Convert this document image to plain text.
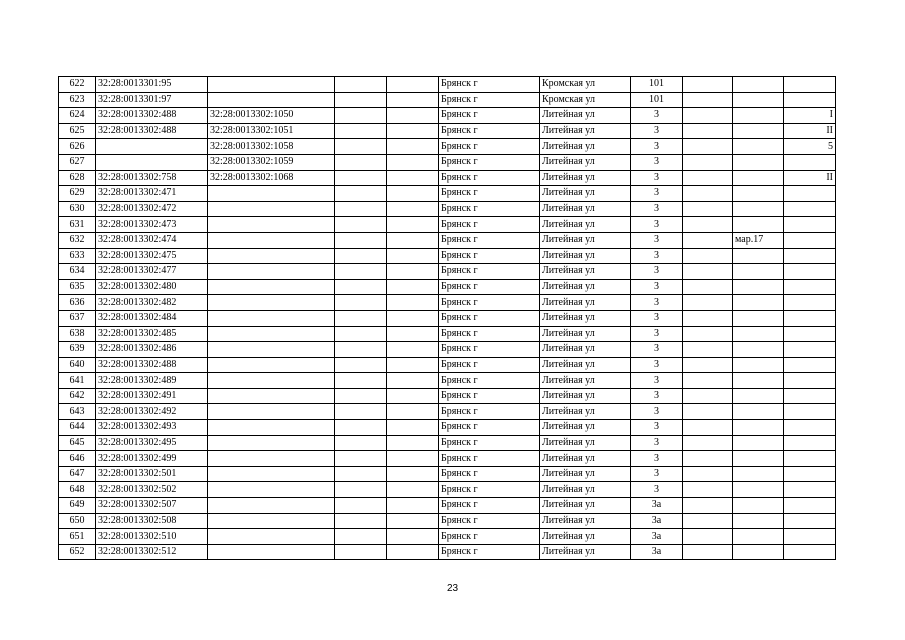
622	32:28:0013301:95				Брянск г	Кромская ул	101			
623	32:28:0013301:97				Брянск г	Кромская ул	101			
624	32:28:0013302:488	32:28:0013302:1050			Брянск г	Литейная ул	3			I
625	32:28:0013302:488	32:28:0013302:1051			Брянск г	Литейная ул	3			II
626		32:28:0013302:1058			Брянск г	Литейная ул	3			5
627		32:28:0013302:1059			Брянск г	Литейная ул	3			
628	32:28:0013302:758	32:28:0013302:1068			Брянск г	Литейная ул	3			II
629	32:28:0013302:471				Брянск г	Литейная ул	3			
630	32:28:0013302:472				Брянск г	Литейная ул	3			
631	32:28:0013302:473				Брянск г	Литейная ул	3			
632	32:28:0013302:474				Брянск г	Литейная ул	3		мар.17	
633	32:28:0013302:475				Брянск г	Литейная ул	3			
634	32:28:0013302:477				Брянск г	Литейная ул	3			
635	32:28:0013302:480				Брянск г	Литейная ул	3			
636	32:28:0013302:482				Брянск г	Литейная ул	3			
637	32:28:0013302:484				Брянск г	Литейная ул	3			
638	32:28:0013302:485				Брянск г	Литейная ул	3			
639	32:28:0013302:486				Брянск г	Литейная ул	3			
640	32:28:0013302:488				Брянск г	Литейная ул	3			
641	32:28:0013302:489				Брянск г	Литейная ул	3			
642	32:28:0013302:491				Брянск г	Литейная ул	3			
643	32:28:0013302:492				Брянск г	Литейная ул	3			
644	32:28:0013302:493				Брянск г	Литейная ул	3			
645	32:28:0013302:495				Брянск г	Литейная ул	3			
646	32:28:0013302:499				Брянск г	Литейная ул	3			
647	32:28:0013302:501				Брянск г	Литейная ул	3			
648	32:28:0013302:502				Брянск г	Литейная ул	3			
649	32:28:0013302:507				Брянск г	Литейная ул	3а			
650	32:28:0013302:508				Брянск г	Литейная ул	3а			
651	32:28:0013302:510				Брянск г	Литейная ул	3а			
652	32:28:0013302:512				Брянск г	Литейная ул	3а			
23
